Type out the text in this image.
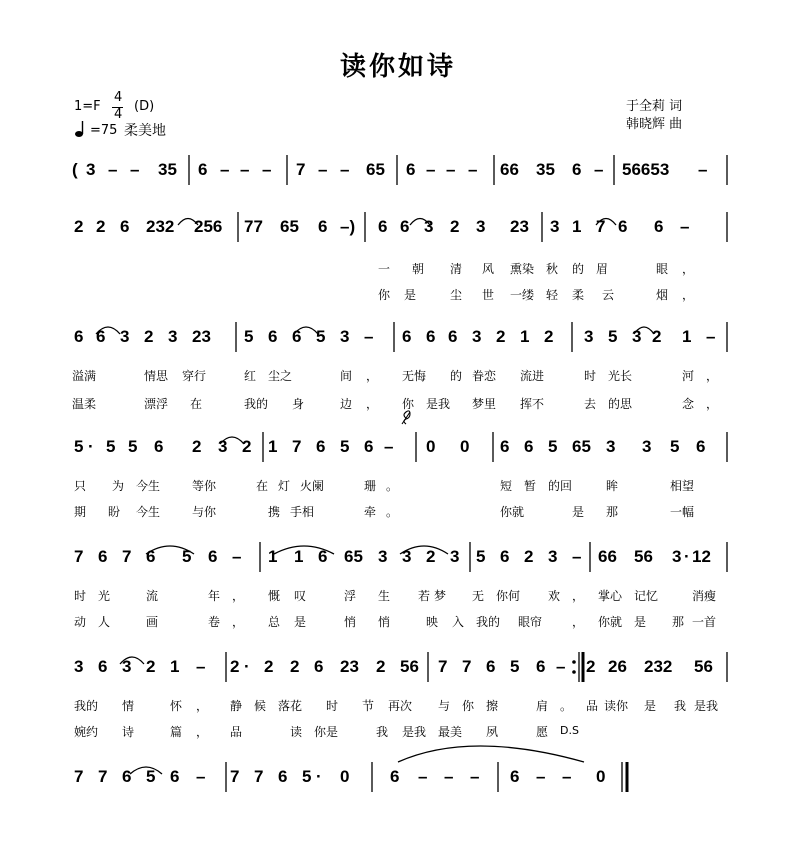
读你如诗
1=F
4
4
(D)
=75 柔美地
于全莉 词
韩晓辉 曲
( 3 – – 35 6 – – – 7 – – 65 6 – – – 66 35 6 – 56653 –
2 2 6 232 256 77 65 6 –) 6 6 3 2 3 23 3 1 7 6 6 –
一 朝 清 风 熏染 秋 的 眉	眼 ，
你 是	尘 世 一缕 轻 柔 云	烟 ，
6 6 3 2 3 23 5 6 6 5 3 – 6 6 6 3 2 1 2 3 5 3 2 1 –
溢满	情思 穿行	红 尘之	间 ， 无悔 的 眷恋 流进	时 光长	河 ，
温柔	漂浮 在	我的 身	边 ， 你 是我 梦里 挥不	去 的思	念 ，
5 · 5 5 6 2 3 2 1 7 6 5 6 – 0 0 6 6 5 65 3 3 5 6
只 为 今生	等你	在 灯 火阑	珊 。	短 暂 的回	眸	相望
期 盼 今生	与你	携 手相	牵 。	你就	是 那	一幅
7 6 7 6 5 6 – 1 1 6 65 3 3 2 3 5 6 2 3 – 66 56 3 · 12
时 光	流	年 ， 慨 叹	浮 生 若 梦 无 你何 欢 ， 掌心 记忆	消瘦
动 人	画	卷 ， 总 是	悄 悄	映 入 我的 眼帘 ， 你就 是 那 一首
3 6 3 2 1 – 2 · 2 2 6 23 2 56 7 7 6 5 6 – 2 26 232 56
我的 情	怀 ， 静 候 落花 时 节 再次 与 你 擦	肩 。 品 读你 是 我 是我
婉约 诗	篇 ， 品	读 你是	我 是我 最美 夙	愿
7 7 6 5 6 – 7 7 6 5 · 0 6 – – – 6 – – 0
D.S
